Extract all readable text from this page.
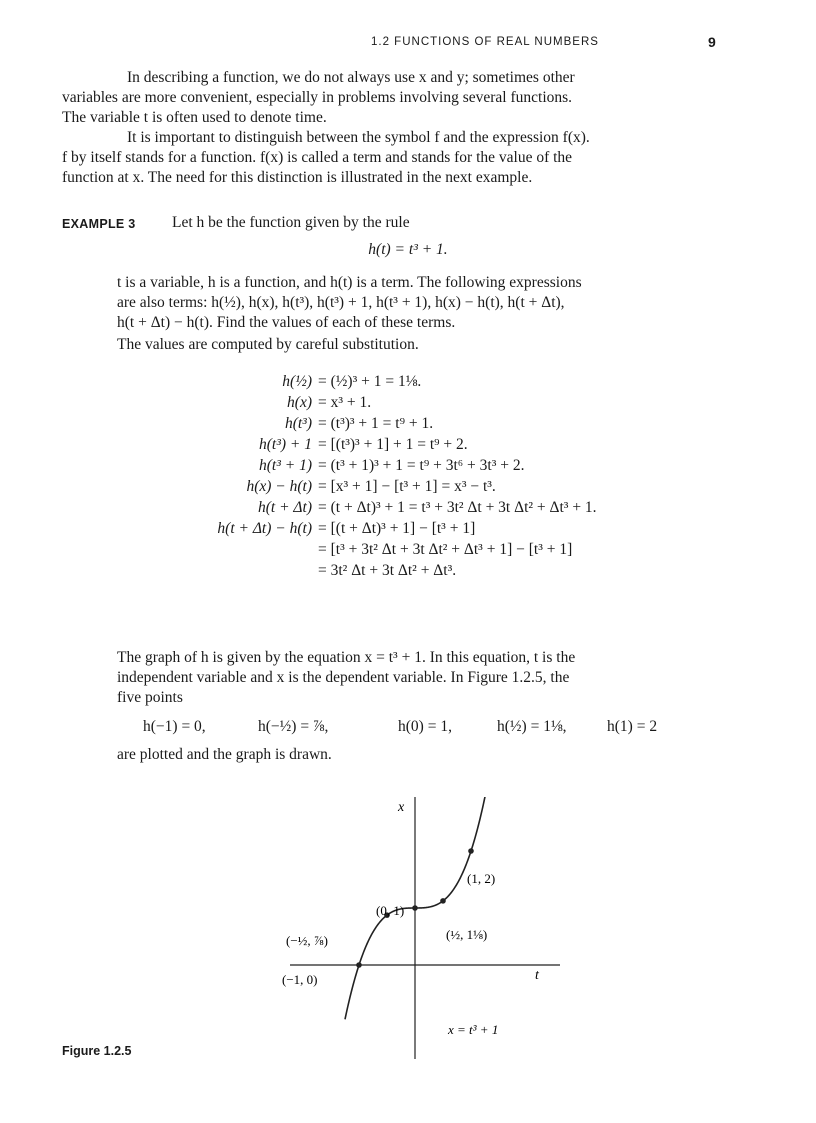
1.2 FUNCTIONS OF REAL NUMBERS	9
In describing a function, we do not always use x and y; sometimes other
variables are more convenient, especially in problems involving several functions.
The variable t is often used to denote time.
It is important to distinguish between the symbol f and the expression f(x).
f by itself stands for a function. f(x) is called a term and stands for the value of the
function at x. The need for this distinction is illustrated in the next example.
EXAMPLE 3 Let h be the function given by the rule
h(t) = t³ + 1.
t is a variable, h is a function, and h(t) is a term. The following expressions
are also terms: h(½), h(x), h(t³), h(t³) + 1, h(t³ + 1), h(x) − h(t), h(t + Δt),
h(t + Δt) − h(t). Find the values of each of these terms.
The values are computed by careful substitution.
h(½) = (½)³ + 1 = 1⅛.
h(x) = x³ + 1.
h(t³) = (t³)³ + 1 = t⁹ + 1.
h(t³) + 1 = [(t³)³ + 1] + 1 = t⁹ + 2.
h(t³ + 1) = (t³ + 1)³ + 1 = t⁹ + 3t⁶ + 3t³ + 2.
h(x) − h(t) = [x³ + 1] − [t³ + 1] = x³ − t³.
h(t + Δt) = (t + Δt)³ + 1 = t³ + 3t² Δt + 3t Δt² + Δt³ + 1.
h(t + Δt) − h(t) = [(t + Δt)³ + 1] − [t³ + 1]
= [t³ + 3t² Δt + 3t Δt² + Δt³ + 1] − [t³ + 1]
= 3t² Δt + 3t Δt² + Δt³.
The graph of h is given by the equation x = t³ + 1. In this equation, t is the
independent variable and x is the dependent variable. In Figure 1.2.5, the
five points
h(−1) = 0,	h(−½) = ⅞,	h(0) = 1,	h(½) = 1⅛,	h(1) = 2
are plotted and the graph is drawn.
x
t
x = t³ + 1
(−1, 0)
(−½, ⅞)
(0, 1)
(½, 1⅛)
(1, 2)
Figure 1.2.5
